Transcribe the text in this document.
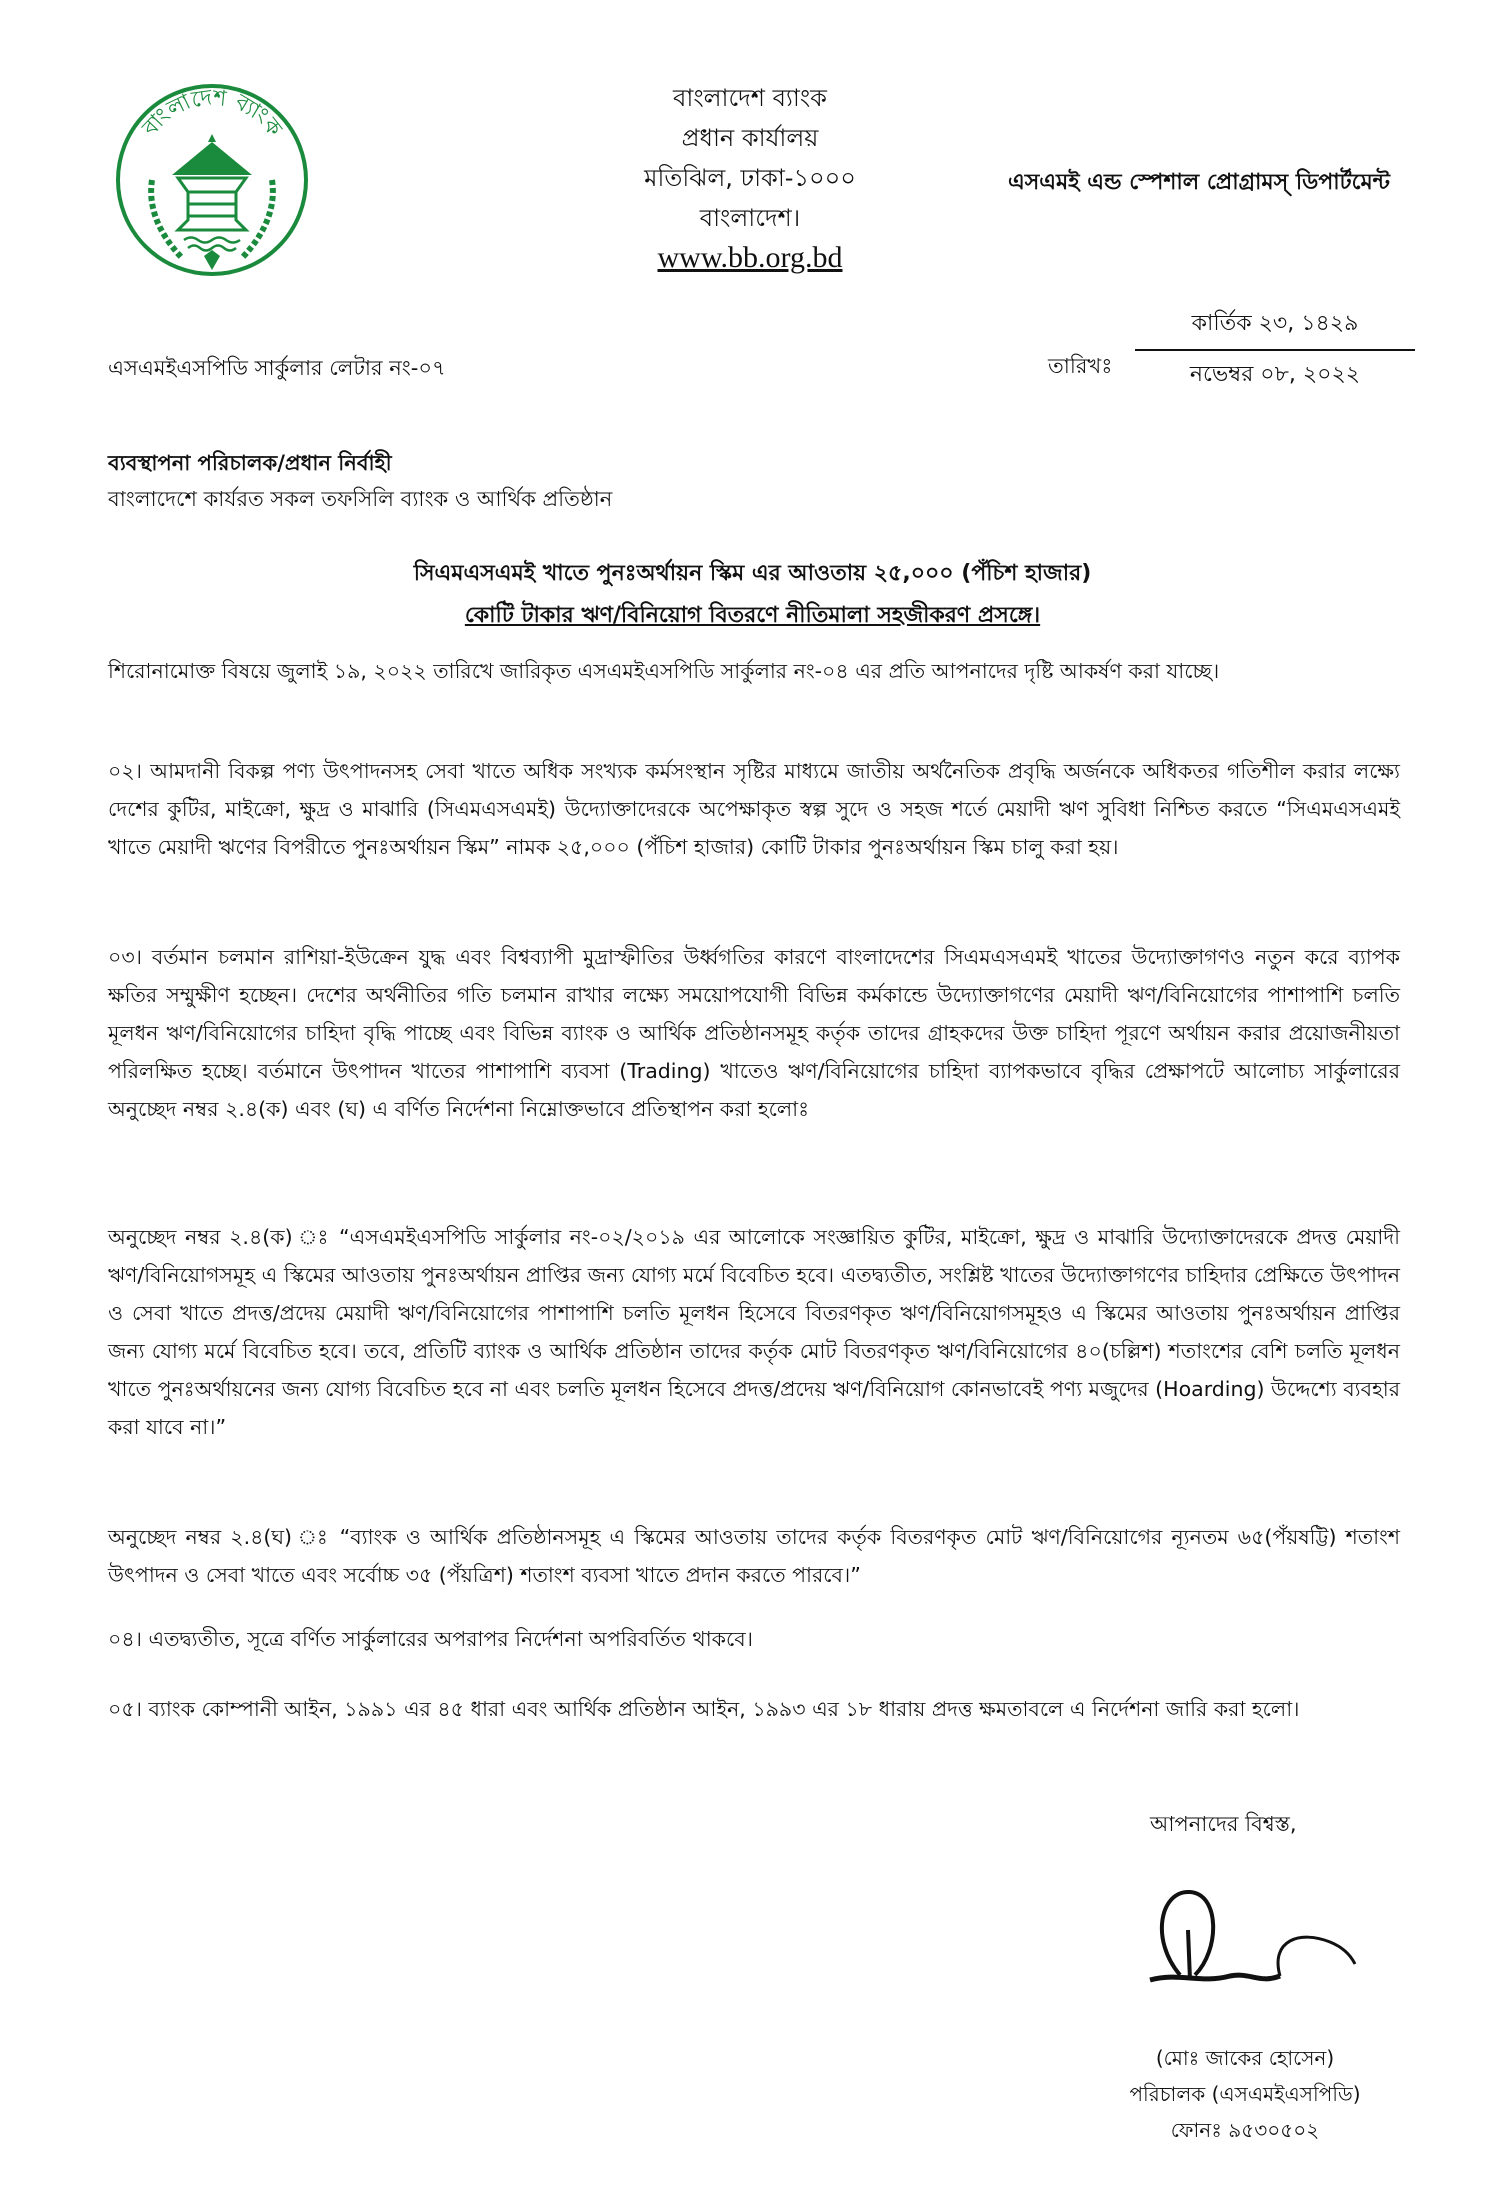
বাংলাদেশ ব্যাংক
বাংলাদেশ ব্যাংক
প্রধান কার্যালয়
মতিঝিল, ঢাকা-১০০০
বাংলাদেশ।
www.bb.org.bd
এসএমই এন্ড স্পেশাল প্রোগ্রামস্ ডিপার্টমেন্ট
এসএমইএসপিডি সার্কুলার লেটার নং-০৭	তারিখঃ
কার্তিক ২৩, ১৪২৯
নভেম্বর ০৮, ২০২২
ব্যবস্থাপনা পরিচালক/প্রধান নির্বাহী
বাংলাদেশে কার্যরত সকল তফসিলি ব্যাংক ও আর্থিক প্রতিষ্ঠান
সিএমএসএমই খাতে পুনঃঅর্থায়ন স্কিম এর আওতায় ২৫,০০০ (পঁচিশ হাজার)
কোটি টাকার ঋণ/বিনিয়োগ বিতরণে নীতিমালা সহজীকরণ প্রসঙ্গে।

শিরোনামোক্ত বিষয়ে জুলাই ১৯, ২০২২ তারিখে জারিকৃত এসএমইএসপিডি সার্কুলার নং-০৪ এর প্রতি আপনাদের দৃষ্টি আকর্ষণ করা যাচ্ছে।

০২। আমদানী বিকল্প পণ্য উৎপাদনসহ সেবা খাতে অধিক সংখ্যক কর্মসংস্থান সৃষ্টির মাধ্যমে জাতীয় অর্থনৈতিক প্রবৃদ্ধি অর্জনকে অধিকতর গতিশীল করার লক্ষ্যে দেশের কুটির, মাইক্রো, ক্ষুদ্র ও মাঝারি (সিএমএসএমই) উদ্যোক্তাদেরকে অপেক্ষাকৃত স্বল্প সুদে ও সহজ শর্তে মেয়াদী ঋণ সুবিধা নিশ্চিত করতে “সিএমএসএমই খাতে মেয়াদী ঋণের বিপরীতে পুনঃঅর্থায়ন স্কিম” নামক ২৫,০০০ (পঁচিশ হাজার) কোটি টাকার পুনঃঅর্থায়ন স্কিম চালু করা হয়।

০৩। বর্তমান চলমান রাশিয়া-ইউক্রেন যুদ্ধ এবং বিশ্বব্যাপী মুদ্রাস্ফীতির উর্ধ্বগতির কারণে বাংলাদেশের সিএমএসএমই খাতের উদ্যোক্তাগণও নতুন করে ব্যাপক ক্ষতির সম্মুক্ষীণ হচ্ছেন। দেশের অর্থনীতির গতি চলমান রাখার লক্ষ্যে সময়োপযোগী বিভিন্ন কর্মকান্ডে উদ্যোক্তাগণের মেয়াদী ঋণ/বিনিয়োগের পাশাপাশি চলতি মূলধন ঋণ/বিনিয়োগের চাহিদা বৃদ্ধি পাচ্ছে এবং বিভিন্ন ব্যাংক ও আর্থিক প্রতিষ্ঠানসমূহ কর্তৃক তাদের গ্রাহকদের উক্ত চাহিদা পূরণে অর্থায়ন করার প্রয়োজনীয়তা পরিলক্ষিত হচ্ছে। বর্তমানে উৎপাদন খাতের পাশাপাশি ব্যবসা (Trading) খাতেও ঋণ/বিনিয়োগের চাহিদা ব্যাপকভাবে বৃদ্ধির প্রেক্ষাপটে আলোচ্য সার্কুলারের অনুচ্ছেদ নম্বর ২.৪(ক) এবং (ঘ) এ বর্ণিত নির্দেশনা নিম্নোক্তভাবে প্রতিস্থাপন করা হলোঃ

অনুচ্ছেদ নম্বর ২.৪(ক) ঃ “এসএমইএসপিডি সার্কুলার নং-০২/২০১৯ এর আলোকে সংজ্ঞায়িত কুটির, মাইক্রো, ক্ষুদ্র ও মাঝারি উদ্যোক্তাদেরকে প্রদত্ত মেয়াদী ঋণ/বিনিয়োগসমূহ এ স্কিমের আওতায় পুনঃঅর্থায়ন প্রাপ্তির জন্য যোগ্য মর্মে বিবেচিত হবে। এতদ্ব্যতীত, সংশ্লিষ্ট খাতের উদ্যোক্তাগণের চাহিদার প্রেক্ষিতে উৎপাদন ও সেবা খাতে প্রদত্ত/প্রদেয় মেয়াদী ঋণ/বিনিয়োগের পাশাপাশি চলতি মূলধন হিসেবে বিতরণকৃত ঋণ/বিনিয়োগসমূহও এ স্কিমের আওতায় পুনঃঅর্থায়ন প্রাপ্তির জন্য যোগ্য মর্মে বিবেচিত হবে। তবে, প্রতিটি ব্যাংক ও আর্থিক প্রতিষ্ঠান তাদের কর্তৃক মোট বিতরণকৃত ঋণ/বিনিয়োগের ৪০(চল্লিশ) শতাংশের বেশি চলতি মূলধন খাতে পুনঃঅর্থায়নের জন্য যোগ্য বিবেচিত হবে না এবং চলতি মূলধন হিসেবে প্রদত্ত/প্রদেয় ঋণ/বিনিয়োগ কোনভাবেই পণ্য মজুদের (Hoarding) উদ্দেশ্যে ব্যবহার করা যাবে না।”

অনুচ্ছেদ নম্বর ২.৪(ঘ) ঃ “ব্যাংক ও আর্থিক প্রতিষ্ঠানসমূহ এ স্কিমের আওতায় তাদের কর্তৃক বিতরণকৃত মোট ঋণ/বিনিয়োগের ন্যূনতম ৬৫(পঁয়ষট্টি) শতাংশ উৎপাদন ও সেবা খাতে এবং সর্বোচ্চ ৩৫ (পঁয়ত্রিশ) শতাংশ ব্যবসা খাতে প্রদান করতে পারবে।”

০৪। এতদ্ব্যতীত, সূত্রে বর্ণিত সার্কুলারের অপরাপর নির্দেশনা অপরিবর্তিত থাকবে।

০৫। ব্যাংক কোম্পানী আইন, ১৯৯১ এর ৪৫ ধারা এবং আর্থিক প্রতিষ্ঠান আইন, ১৯৯৩ এর ১৮ ধারায় প্রদত্ত ক্ষমতাবলে এ নির্দেশনা জারি করা হলো।

আপনাদের বিশ্বস্ত,
(মোঃ জাকের হোসেন)
পরিচালক (এসএমইএসপিডি)
ফোনঃ ৯৫৩০৫০২
